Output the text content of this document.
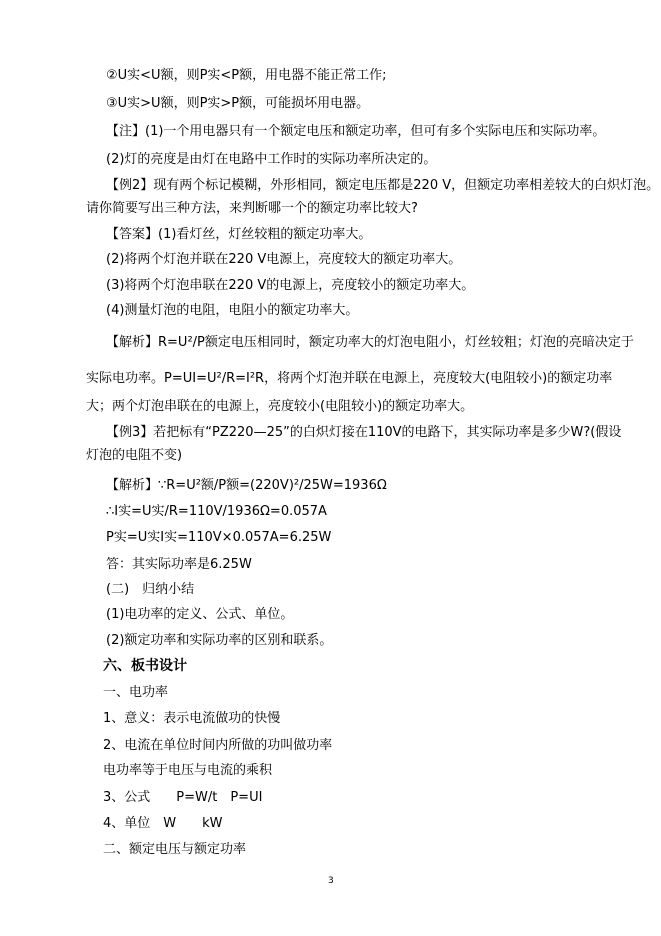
②U实<U额，则P实<P额，用电器不能正常工作;
③U实>U额，则P实>P额，可能损坏用电器。
【注】(1)一个用电器只有一个额定电压和额定功率，但可有多个实际电压和实际功率。
(2)灯的亮度是由灯在电路中工作时的实际功率所决定的。
【例2】现有两个标记模糊，外形相同，额定电压都是220 V，但额定功率相差较大的白炽灯泡。
请你简要写出三种方法，来判断哪一个的额定功率比较大?
【答案】(1)看灯丝，灯丝较粗的额定功率大。
(2)将两个灯泡并联在220 V电源上，亮度较大的额定功率大。
(3)将两个灯泡串联在220 V的电源上，亮度较小的额定功率大。
(4)测量灯泡的电阻，电阻小的额定功率大。
【解析】R=U²/P额定电压相同时，额定功率大的灯泡电阻小，灯丝较粗；灯泡的亮暗决定于
实际电功率。P=UI=U²/R=I²R，将两个灯泡并联在电源上，亮度较大(电阻较小)的额定功率
大；两个灯泡串联在的电源上，亮度较小(电阻较小)的额定功率大。
【例3】若把标有“PZ220—25”的白炽灯接在110V的电路下，其实际功率是多少W?(假设
灯泡的电阻不变)
【解析】∵R=U²额/P额=(220V)²/25W=1936Ω
∴I实=U实/R=110V/1936Ω=0.057A
P实=U实I实=110V×0.057A=6.25W
答：其实际功率是6.25W
(二)　归纳小结
(1)电功率的定义、公式、单位。
(2)额定功率和实际功率的区别和联系。
六、板书设计
一、电功率
1、意义：表示电流做功的快慢
2、电流在单位时间内所做的功叫做功率
电功率等于电压与电流的乘积
3、公式　　P=W/t　P=UI
4、单位　W　　kW
二、额定电压与额定功率
3
